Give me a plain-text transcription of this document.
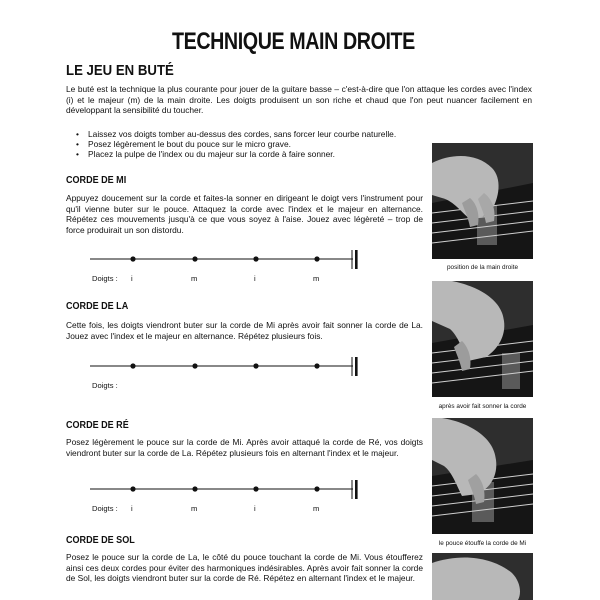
TECHNIQUE MAIN DROITE
LE JEU EN BUTÉ
Le buté est la technique la plus courante pour jouer de la guitare basse – c'est-à-dire que l'on attaque les cordes avec l'index (i) et le majeur (m) de la main droite. Les doigts produisent un son riche et chaud que l'on peut nuancer facilement en développant la sensibilité du toucher.
• Laissez vos doigts tomber au-dessus des cordes, sans forcer leur courbe naturelle.
• Posez légèrement le bout du pouce sur le micro grave.
• Placez la pulpe de l'index ou du majeur sur la corde à faire sonner.
CORDE DE MI
Appuyez doucement sur la corde et faites-la sonner en dirigeant le doigt vers l'instrument pour qu'il vienne buter sur le pouce. Attaquez la corde avec l'index et le majeur en alternance. Répétez ces mouvements jusqu'à ce que vous soyez à l'aise. Jouez avec légèreté – trop de force produirait un son distordu.
Doigts : i	m	i	m
CORDE DE LA
Cette fois, les doigts viendront buter sur la corde de Mi après avoir fait sonner la corde de La. Jouez avec l'index et le majeur en alternance. Répétez plusieurs fois.
Doigts :
CORDE DE RÉ
Posez légèrement le pouce sur la corde de Mi. Après avoir attaqué la corde de Ré, vos doigts viendront buter sur la corde de La. Répétez plusieurs fois en alternant l'index et le majeur.
Doigts : i	m	i	m
CORDE DE SOL
Posez le pouce sur la corde de La, le côté du pouce touchant la corde de Mi. Vous étoufferez ainsi ces deux cordes pour éviter des harmoniques indésirables. Après avoir fait sonner la corde de Sol, les doigts viendront buter sur la corde de Ré. Répétez en alternant l'index et le majeur.
position de la main droite
après avoir fait sonner la corde
le pouce étouffe la corde de Mi
